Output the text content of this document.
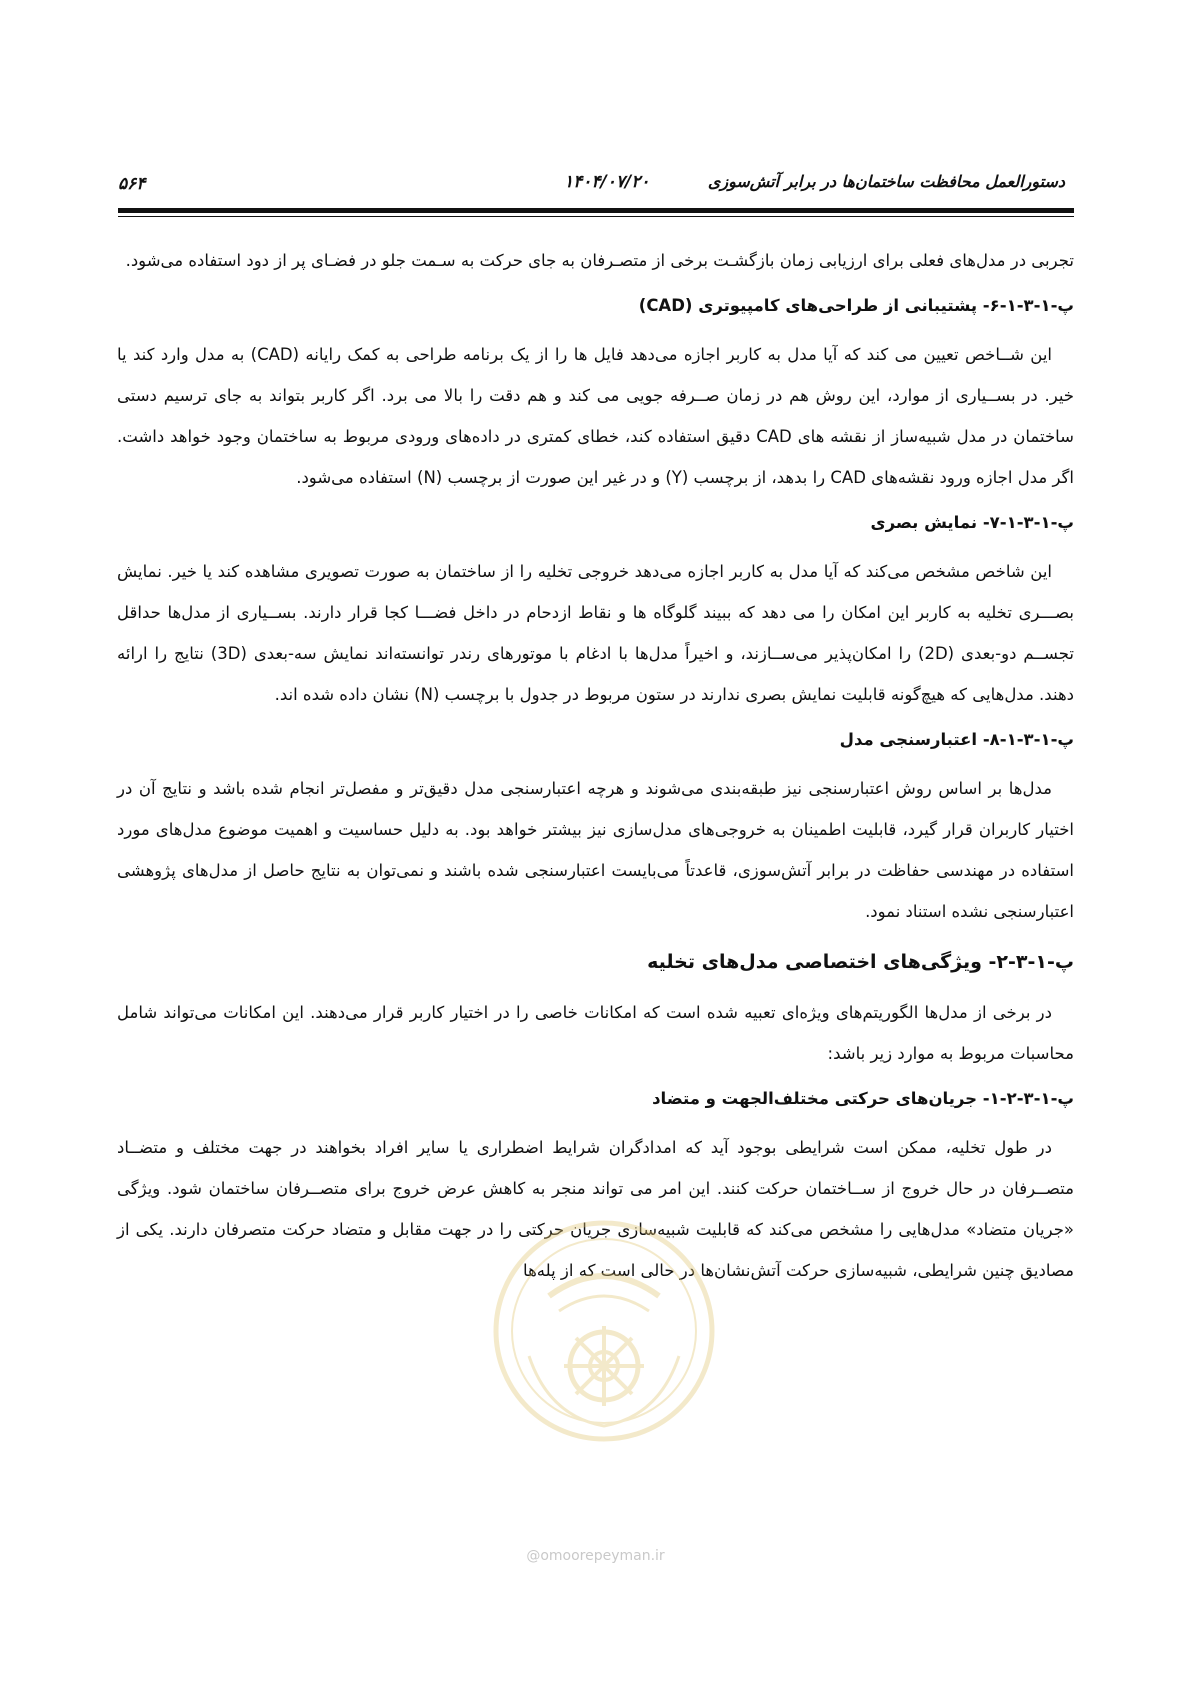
۵۶۴	۱۴۰۴/۰۷/۲۰	دستورالعمل محافظت ساختمان‌ها در برابر آتش‌سوزی

تجربی در مدل‌های فعلی برای ارزیابی زمان بازگشـت برخی از متصـرفان به جای حرکت به سـمت جلو در فضـای پر از دود استفاده می‌شود.

پ-۱-۳-۱-۶- پشتیبانی از طراحی‌های کامپیوتری (CAD)

این شــاخص تعیین می کند که آیا مدل به کاربر اجازه می‌دهد فایل ها را از یک برنامه طراحی به کمک رایانه (CAD) به مدل وارد کند یا خیر. در بســیاری از موارد، این روش هم در زمان صــرفه جویی می کند و هم دقت را بالا می برد. اگر کاربر بتواند به جای ترسیم دستی ساختمان در مدل شبیه‌ساز از نقشه های CAD دقیق استفاده کند، خطای کمتری در داده‌های ورودی مربوط به ساختمان وجود خواهد داشت. اگر مدل اجازه ورود نقشه‌های CAD را بدهد، از برچسب (Y) و در غیر این صورت از برچسب (N) استفاده می‌شود.

پ-۱-۳-۱-۷- نمایش بصری

این شاخص مشخص می‌کند که آیا مدل به کاربر اجازه می‌دهد خروجی تخلیه را از ساختمان به صورت تصویری مشاهده کند یا خیر. نمایش بصـــری تخلیه به کاربر این امکان را می دهد که ببیند گلوگاه ها و نقاط ازدحام در داخل فضـــا کجا قرار دارند. بســیاری از مدل‌ها حداقل تجســم دو-بعدی (2D) را امکان‌پذیر می‌ســازند، و اخیراً مدل‌ها با ادغام با موتورهای رندر توانسته‌اند نمایش سه-بعدی (3D) نتایج را ارائه دهند. مدل‌هایی که هیچ‌گونه قابلیت نمایش بصری ندارند در ستون مربوط در جدول با برچسب (N) نشان داده شده اند.

پ-۱-۳-۱-۸- اعتبارسنجی مدل

مدل‌ها بر اساس روش اعتبارسنجی نیز طبقه‌بندی می‌شوند و هرچه اعتبارسنجی مدل دقیق‌تر و مفصل‌تر انجام شده باشد و نتایج آن در اختیار کاربران قرار گیرد، قابلیت اطمینان به خروجی‌های مدل‌سازی نیز بیشتر خواهد بود. به دلیل حساسیت و اهمیت موضوع مدل‌های مورد استفاده در مهندسی حفاظت در برابر آتش‌سوزی، قاعدتاً می‌بایست اعتبارسنجی شده باشند و نمی‌توان به نتایج حاصل از مدل‌های پژوهشی اعتبارسنجی نشده استناد نمود.

پ-۱-۳-۲- ویژگی‌های اختصاصی مدل‌های تخلیه

در برخی از مدل‌ها الگوریتم‌های ویژه‌ای تعبیه شده است که امکانات خاصی را در اختیار کاربر قرار می‌دهند. این امکانات می‌تواند شامل محاسبات مربوط به موارد زیر باشد:

پ-۱-۳-۲-۱- جریان‌های حرکتی مختلف‌الجهت و متضاد

در طول تخلیه، ممکن است شرایطی بوجود آید که امدادگران شرایط اضطراری یا سایر افراد بخواهند در جهت مختلف و متضــاد متصــرفان در حال خروج از ســاختمان حرکت کنند. این امر می تواند منجر به کاهش عرض خروج برای متصــرفان ساختمان شود. ویژگی «جریان متضاد» مدل‌هایی را مشخص می‌کند که قابلیت شبیه‌سازی جریان حرکتی را در جهت مقابل و متضاد حرکت متصرفان دارند. یکی از مصادیق چنین شرایطی، شبیه‌سازی حرکت آتش‌نشان‌ها در حالی است که از پله‌ها

@omoorepeyman.ir
